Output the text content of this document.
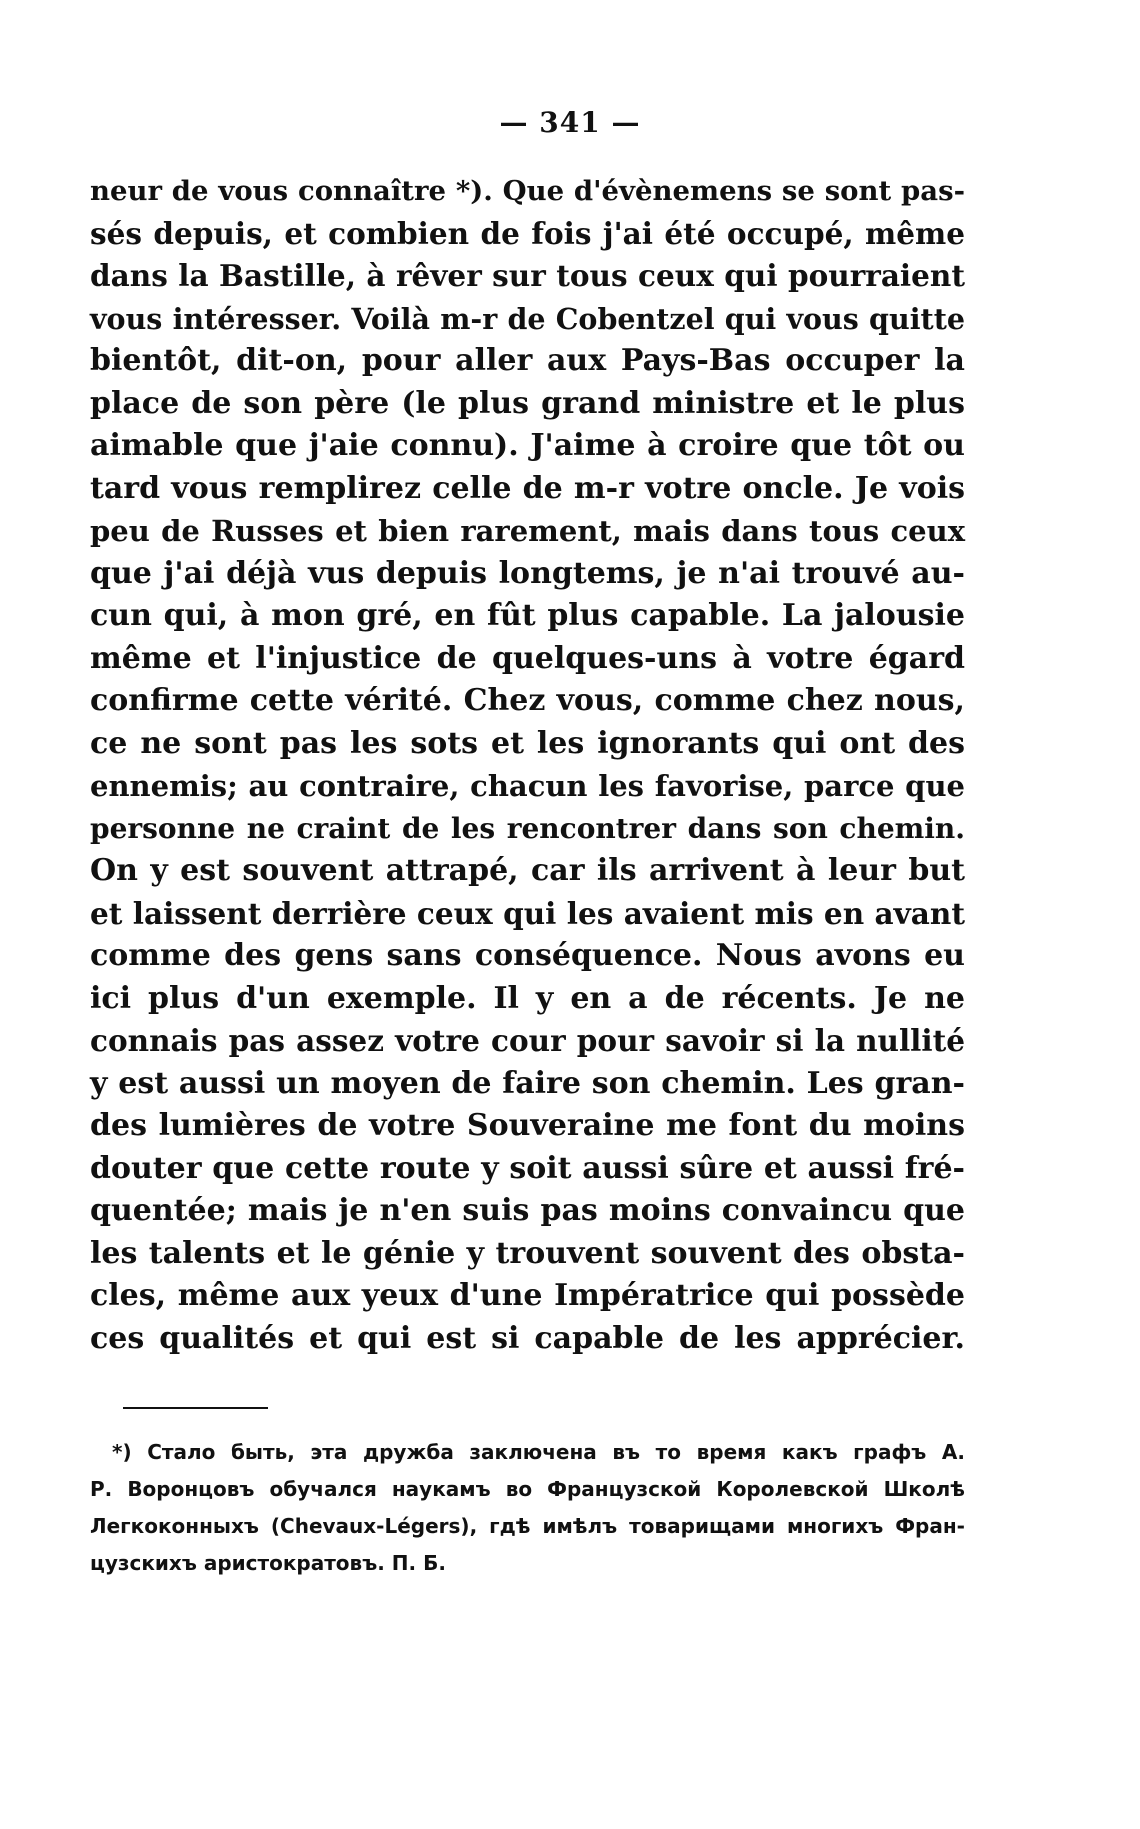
— 341 —
neur de vous connaître *). Que d'évènemens se sont pas-
sés depuis, et combien de fois j'ai été occupé, même
dans la Bastille, à rêver sur tous ceux qui pourraient
vous intéresser. Voilà m-r de Cobentzel qui vous quitte
bientôt, dit-on, pour aller aux Pays-Bas occuper la
place de son père (le plus grand ministre et le plus
aimable que j'aie connu). J'aime à croire que tôt ou
tard vous remplirez celle de m-r votre oncle. Je vois
peu de Russes et bien rarement, mais dans tous ceux
que j'ai déjà vus depuis longtems, je n'ai trouvé au-
cun qui, à mon gré, en fût plus capable. La jalousie
même et l'injustice de quelques-uns à votre égard
confirme cette vérité. Chez vous, comme chez nous,
ce ne sont pas les sots et les ignorants qui ont des
ennemis; au contraire, chacun les favorise, parce que
personne ne craint de les rencontrer dans son chemin.
On y est souvent attrapé, car ils arrivent à leur but
et laissent derrière ceux qui les avaient mis en avant
comme des gens sans conséquence. Nous avons eu
ici plus d'un exemple. Il y en a de récents. Je ne
connais pas assez votre cour pour savoir si la nullité
y est aussi un moyen de faire son chemin. Les gran-
des lumières de votre Souveraine me font du moins
douter que cette route y soit aussi sûre et aussi fré-
quentée; mais je n'en suis pas moins convaincu que
les talents et le génie y trouvent souvent des obsta-
cles, même aux yeux d'une Impératrice qui possède
ces qualités et qui est si capable de les apprécier.
*) Стало быть, эта дружба заключена въ то время какъ графъ А.
Р. Воронцовъ обучался наукамъ во Французской Королевской Школѣ
Легкоконныхъ (Chevaux-Légers), гдѣ имѣлъ товарищами многихъ Фран-
цузскихъ аристократовъ. П. Б.
